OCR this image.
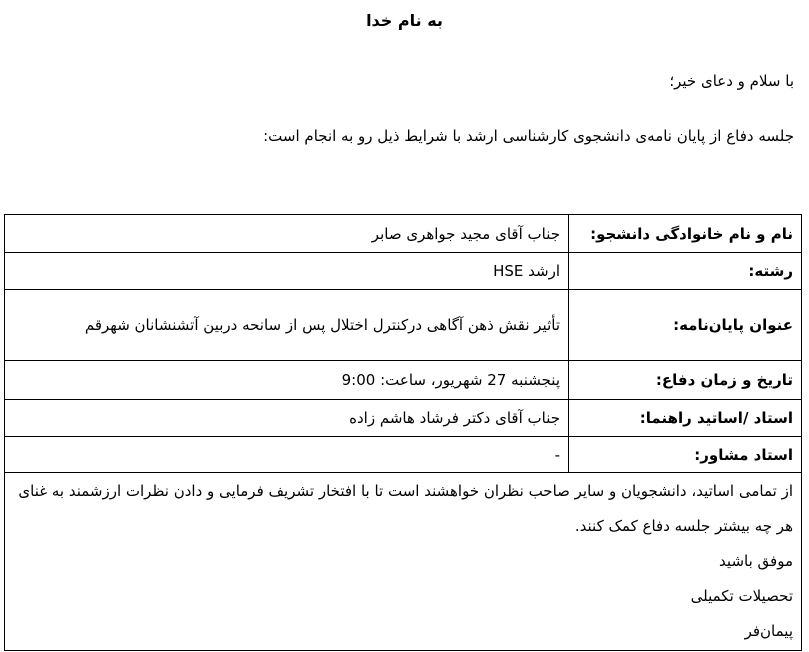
به نام خدا
با سلام و دعای خیر؛
جلسه دفاع از پایان نامه‌ی دانشجوی کارشناسی ارشد با شرایط ذیل رو به انجام است:
نام و نام خانوادگی دانشجو:	جناب آقای مجید جواهری صابر
رشته:	ارشد HSE
عنوان پایان‌نامه:	تأثیر نقش ذهن آگاهی درکنترل اختلال پس از سانحه دربین آتشنشانان شهرقم
تاریخ و زمان دفاع:	پنجشنبه 27 شهریور، ساعت: 9:00
استاد /اساتید راهنما:	جناب آقای دکتر فرشاد هاشم زاده
استاد مشاور:	-

از تمامی اساتید، دانشجویان و سایر صاحب نظران خواهشند است تا با افتخار تشریف فرمایی و دادن نظرات ارزشمند به غنای هر چه بیشتر جلسه دفاع کمک کنند.
موفق باشید
تحصیلات تکمیلی
پیمان‌فر	
